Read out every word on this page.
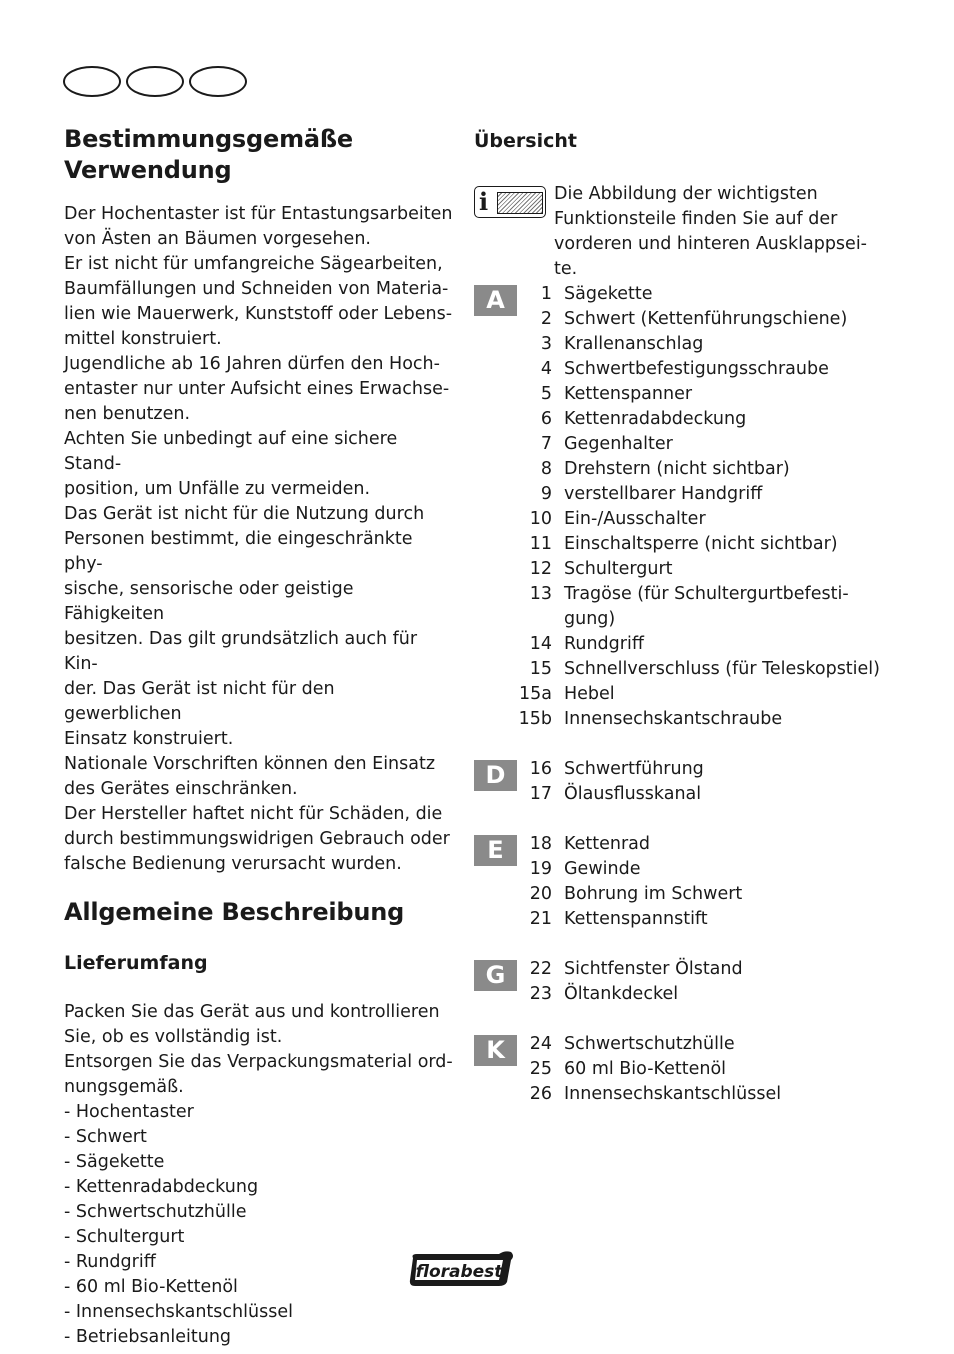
Bestimmungsgemäße
Verwendung

Der Hochentaster ist für Entastungsarbeiten
von Ästen an Bäumen vorgesehen.
Er ist nicht für umfangreiche Sägearbeiten,
Baumfällungen und Schneiden von Materia-
lien wie Mauerwerk, Kunststoff oder Lebens-
mittel konstruiert.
Jugendliche ab 16 Jahren dürfen den Hoch-
entaster nur unter Aufsicht eines Erwachse-
nen benutzen.
Achten Sie unbedingt auf eine sichere Stand-
position, um Unfälle zu vermeiden.
Das Gerät ist nicht für die Nutzung durch
Personen bestimmt, die eingeschränkte phy-
sische, sensorische oder geistige Fähigkeiten
besitzen. Das gilt grundsätzlich auch für Kin-
der. Das Gerät ist nicht für den gewerblichen
Einsatz konstruiert.
Nationale Vorschriften können den Einsatz
des Gerätes einschränken.
Der Hersteller haftet nicht für Schäden, die
durch bestimmungswidrigen Gebrauch oder
falsche Bedienung verursacht wurden.

Allgemeine Beschreibung
Lieferumfang

Packen Sie das Gerät aus und kontrollieren
Sie, ob es vollständig ist.
Entsorgen Sie das Verpackungsmaterial ord-
nungsgemäß.

- Hochentaster
- Schwert
- Sägekette
- Kettenradabdeckung
- Schwertschutzhülle
- Schultergurt
- Rundgriff
- 60 ml Bio-Kettenöl
- Innensechskantschlüssel
- Betriebsanleitung
Übersicht
i	Die Abbildung der wichtigsten
Funktionsteile finden Sie auf der
vorderen und hinteren Ausklappsei-
te.
A	1 Sägekette
2 Schwert (Kettenführungschiene)
3 Krallenanschlag
4 Schwertbefestigungsschraube
5 Kettenspanner
6 Kettenradabdeckung
7 Gegenhalter
8 Drehstern (nicht sichtbar)
9 verstellbarer Handgriff
10 Ein-/Ausschalter
11 Einschaltsperre (nicht sichtbar)
12 Schultergurt
13 Tragöse (für Schultergurtbefesti-
gung)
14 Rundgriff
15 Schnellverschluss (für Teleskopstiel)
15a Hebel
15b Innensechskantschraube
D	16 Schwertführung
17 Ölausflusskanal
E	18 Kettenrad
19 Gewinde
20 Bohrung im Schwert
21 Kettenspannstift
G	22 Sichtfenster Ölstand
23 Öltankdeckel
K	24 Schwertschutzhülle
25 60 ml Bio-Kettenöl
26 Innensechskantschlüssel
florabest
